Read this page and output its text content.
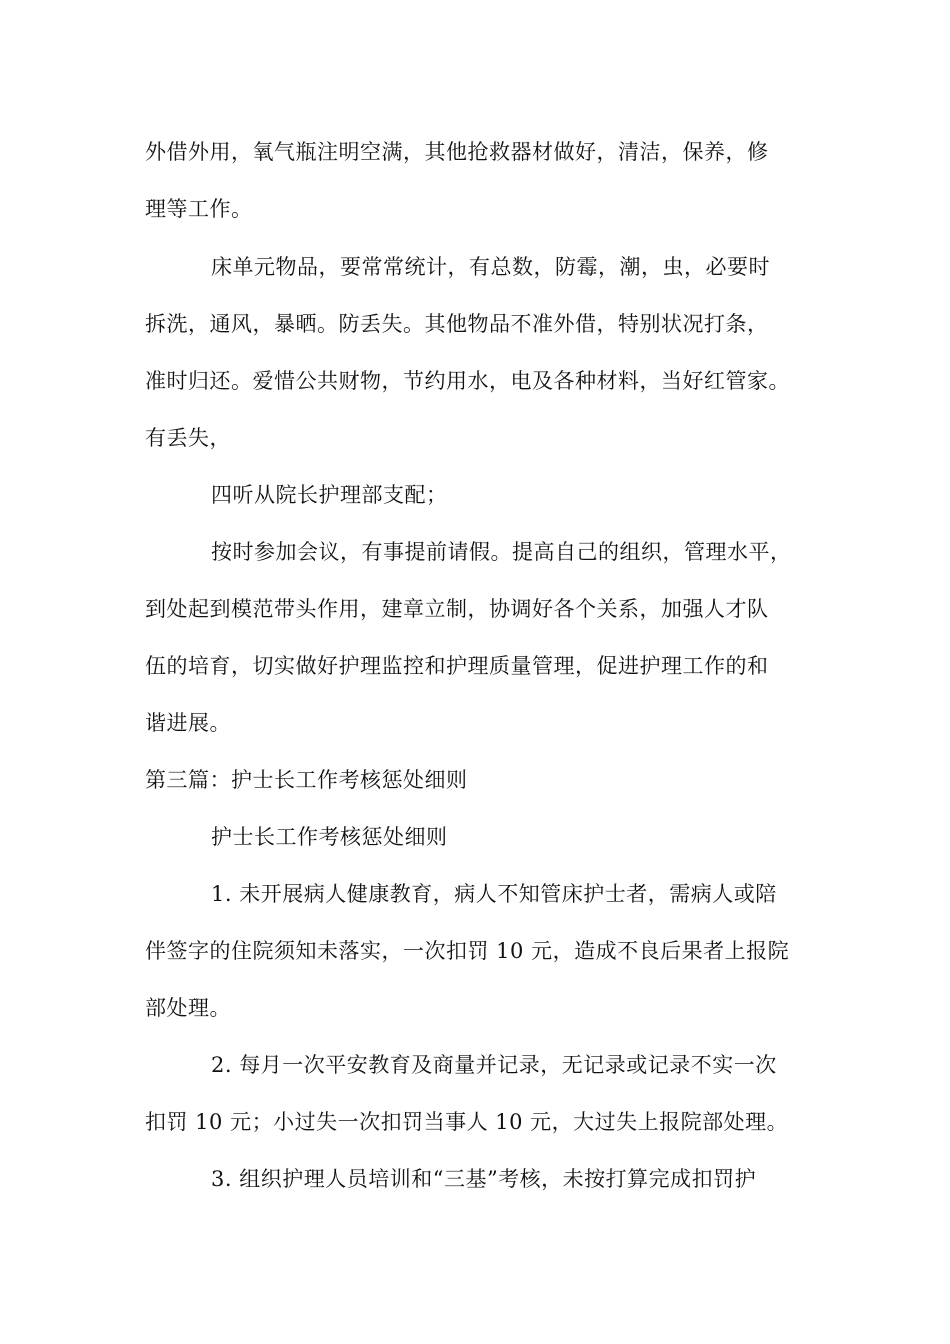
外借外用，氧气瓶注明空满，其他抢救器材做好，清洁，保养，修
理等工作。
床单元物品，要常常统计，有总数，防霉，潮，虫，必要时
拆洗，通风，暴晒。防丢失。其他物品不准外借，特别状况打条，
准时归还。爱惜公共财物，节约用水，电及各种材料，当好红管家。
有丢失，
四听从院长护理部支配；
按时参加会议，有事提前请假。提高自己的组织，管理水平，
到处起到模范带头作用，建章立制，协调好各个关系，加强人才队
伍的培育，切实做好护理监控和护理质量管理，促进护理工作的和
谐进展。
第三篇：护士长工作考核惩处细则
护士长工作考核惩处细则
1. 未开展病人健康教育，病人不知管床护士者，需病人或陪
伴签字的住院须知未落实，一次扣罚 10 元，造成不良后果者上报院
部处理。
2. 每月一次平安教育及商量并记录，无记录或记录不实一次
扣罚 10 元；小过失一次扣罚当事人 10 元，大过失上报院部处理。
3. 组织护理人员培训和“三基”考核，未按打算完成扣罚护
